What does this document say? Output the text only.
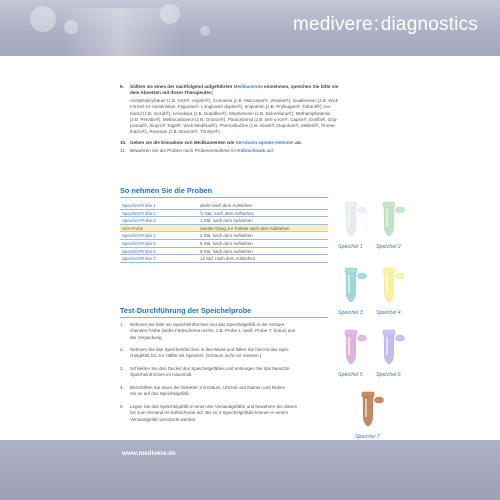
medivere:diagnostics
9. Sollten sie eines der nachfolgend aufgeführten Medikamente einnehmen, sprechen Sie bitte vor
dem Absetzen mit Ihrem Therapeuten:
Acetylsalicylsäure (z.B. ASS®, Aspirin®), Cumarine (z.B. Marcumar®, Venalot®), Guaifenesin (z.B. Wick
Formel 44 Hustenlöser, Fagusan®, Longtussin duplex®), Imipramin (z.B. Pryleugan®, Tofranil®), Iso-
niazid (z.B. Isozid®), Levodopa (z.B. Dopaflex®), Mephenesin (z.B. DoloVisano®), Methamphetamin
(z.B. Pervitin®), Methocarbamol (z.B. Ortoton®), Paracetamol (z.B. ben-u-ron®, Captin®, Enelfa®, Grip-
postad®, Sinpro® Togal®, Wick MediNait®), Phenothiazine (z.B. Aliosil®, Dapotum®, Melleril®, Prome-
thazin®), Reserpin (z.B. Briserin®, Triniton®)
10. Geben sie die Einnahme von Medikamenten wie Serotonin-Uptake-Hemmer an.
11. Bewahren Sie die Proben nach Probenentnahme im Kühlschrank auf.
So nehmen Sie die Proben
Speichel-Probe 1	direkt nach dem Aufstehen
Speichel-Probe 2	½ Std. nach dem Aufstehen
Speichel-Probe 3	1 Std. nach dem Aufstehen
Urin-Probe	zweiter Gang zur Toilette nach dem Aufstehen
Speichel-Probe 4	2 Std. nach dem Aufstehen
Speichel-Probe 5	5 Std. nach dem Aufstehen
Speichel-Probe 6	8 Std. nach dem Aufstehen
Speichel-Probe 7	12 Std. nach dem Aufstehen
Test-Durchführung der Speichelprobe
1. Nehmen Sie bitte ein Speichelröhrchen und das Speichelgefäß in der entspre-
chenden Farbe (siehe Farbschema rechts, z.B. Probe 1: weiß, Probe 7: braun) aus
der Verpackung.
2. Nehmen Sie das Speichelröhrchen in den Mund und füllen Sie hiermit das Spei-
chelgefäß bis zur Hälfte mit Speichel. (Schaum nicht mit messen.)
3. Schließen Sie den Deckel des Speichelgefäßes und entsorgen Sie das benutzte
Speichelröhrchen im Hausmüll.
4. Beschriften Sie eines der Etiketten mit Datum, Uhrzeit und Namen und kleben
Sie es auf das Speichelgefäß.
5. Legen Sie das Speichelgefäß in einen der Versandgefäße und bewahren Sie dieses
bis zum Versand im Kühlschrank auf. Bis zu 4 Speichelgefäße können in einem
Versandgefäß verschickt werden.
Speichel 1	Speichel 2
Speichel 3	Speichel 4
Speichel 5	Speichel 6
Speichel 7
www.medivere.de
